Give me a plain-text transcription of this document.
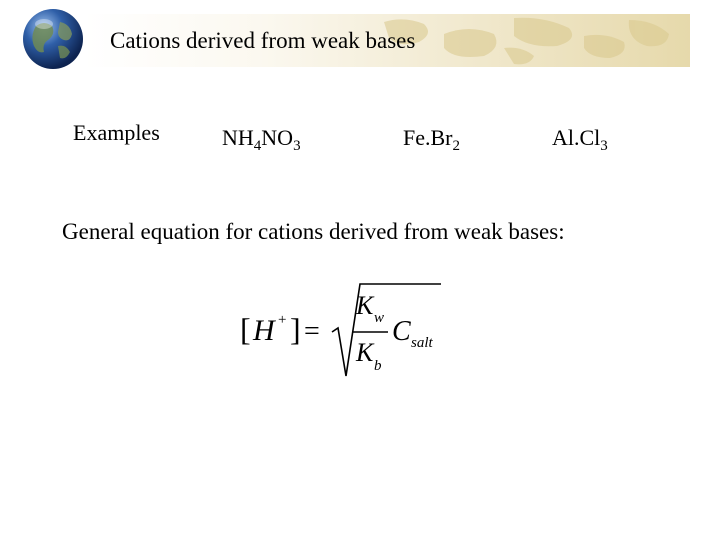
Cations derived from weak bases
Examples	$NH_4NO_3$	$Fe.Br_2$	$Al.Cl_3$
General equation for cations derived from weak bases:
[ H + ] =
K w
K b
C salt
